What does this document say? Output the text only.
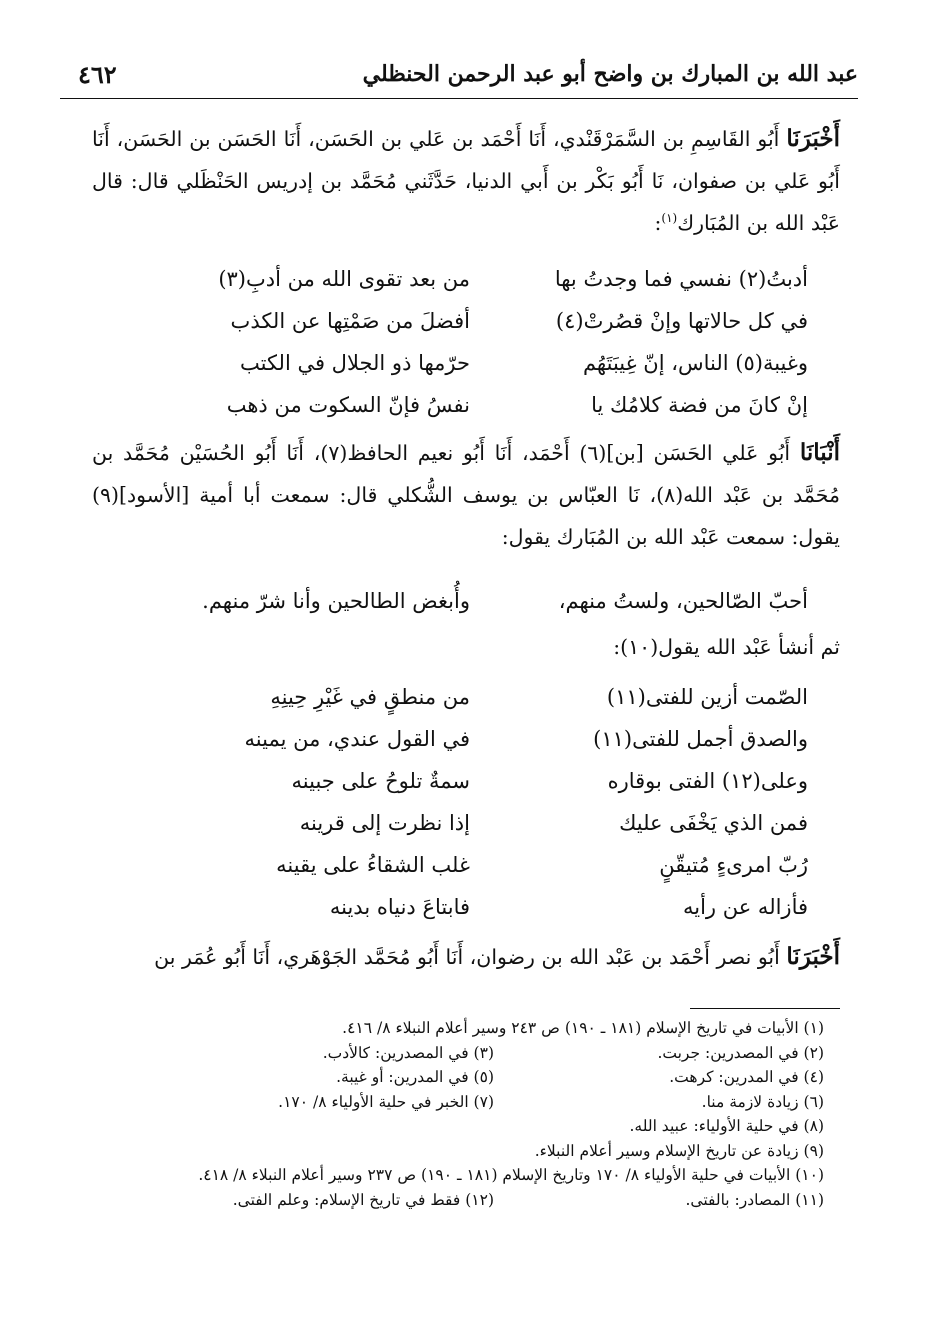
عبد الله بن المبارك بن واضح أبو عبد الرحمن الحنظلي
٤٦٢

أَخْبَرَنَا أَبُو القَاسِمِ بن السَّمَرْقَنْدي، أَنَا أَحْمَد بن عَلي بن الحَسَن، أَنَا الحَسَن بن الحَسَن، أَنَا أَبُو عَلي بن صفوان، نَا أَبُو بَكْر بن أَبي الدنيا، حَدَّثَني مُحَمَّد بن إدريس الحَنْظَلي قال: قال عَبْد الله بن المُبَارك$^{(١)}$:

أدبتُ(٢) نفسي فما وجدتُ بها
من بعد تقوى الله من أدبِ(٣)
في كل حالاتها وإنْ قصُرتْ(٤)
أفضلَ من صَمْتِها عن الكذب
وغيبة(٥) الناس، إنّ غِيبَتَهُم
حرّمها ذو الجلال في الكتب
إنْ كانَ من فضة كلامُك يا
نفسُ فإنّ السكوت من ذهب

أَنْبَانَا أَبُو عَلي الحَسَن [بن](٦) أَحْمَد، أَنَا أَبُو نعيم الحافظ(٧)، أَنَا أَبُو الحُسَيْن مُحَمَّد بن مُحَمَّد بن عَبْد الله(٨)، نَا العبّاس بن يوسف الشُّكلي قال: سمعت أبا أمية [الأسود](٩) يقول: سمعت عَبْد الله بن المُبَارك يقول:

أحبّ الصّالحين، ولستُ منهم،
وأُبغض الطالحين وأنا شرّ منهم.

ثم أنشأ عَبْد الله يقول(١٠):

الصّمت أزين للفتى(١١)
من منطقٍ في غَيْرِ حِينِهِ
والصدق أجمل للفتى(١١)
في القول عندي، من يمينه
وعلى(١٢) الفتى بوقاره
سمةٌ تلوحُ على جبينه
فمن الذي يَخْفَى عليك
إذا نظرت إلى قرينه
رُبّ امرىءٍ مُتيقّنٍ
غلب الشقاءُ على يقينه
فأزاله عن رأيه
فابتاعَ دنياه بدينه

أَخْبَرَنَا أَبُو نصر أَحْمَد بن عَبْد الله بن رضوان، أَنَا أَبُو مُحَمَّد الجَوْهَري، أَنَا أَبُو عُمَر بن

(١) الأبيات في تاريخ الإسلام (١٨١ ـ ١٩٠) ص ٢٤٣ وسير أعلام النبلاء ٨/ ٤١٦.
(٢) في المصدرين: جربت.
(٣) في المصدرين: كالأدب.
(٤) في المدرين: كرهت.
(٥) في المدرين: أو غيبة.
(٦) زيادة لازمة منا.
(٧) الخبر في حلية الأولياء ٨/ ١٧٠.
(٨) في حلية الأولياء: عبيد الله.
(٩) زيادة عن تاريخ الإسلام وسير أعلام النبلاء.
(١٠) الأبيات في حلية الأولياء ٨/ ١٧٠ وتاريخ الإسلام (١٨١ ـ ١٩٠) ص ٢٣٧ وسير أعلام النبلاء ٨/ ٤١٨.
(١١) المصادر: بالفتى.
(١٢) فقط في تاريخ الإسلام: وعلم الفتى.
